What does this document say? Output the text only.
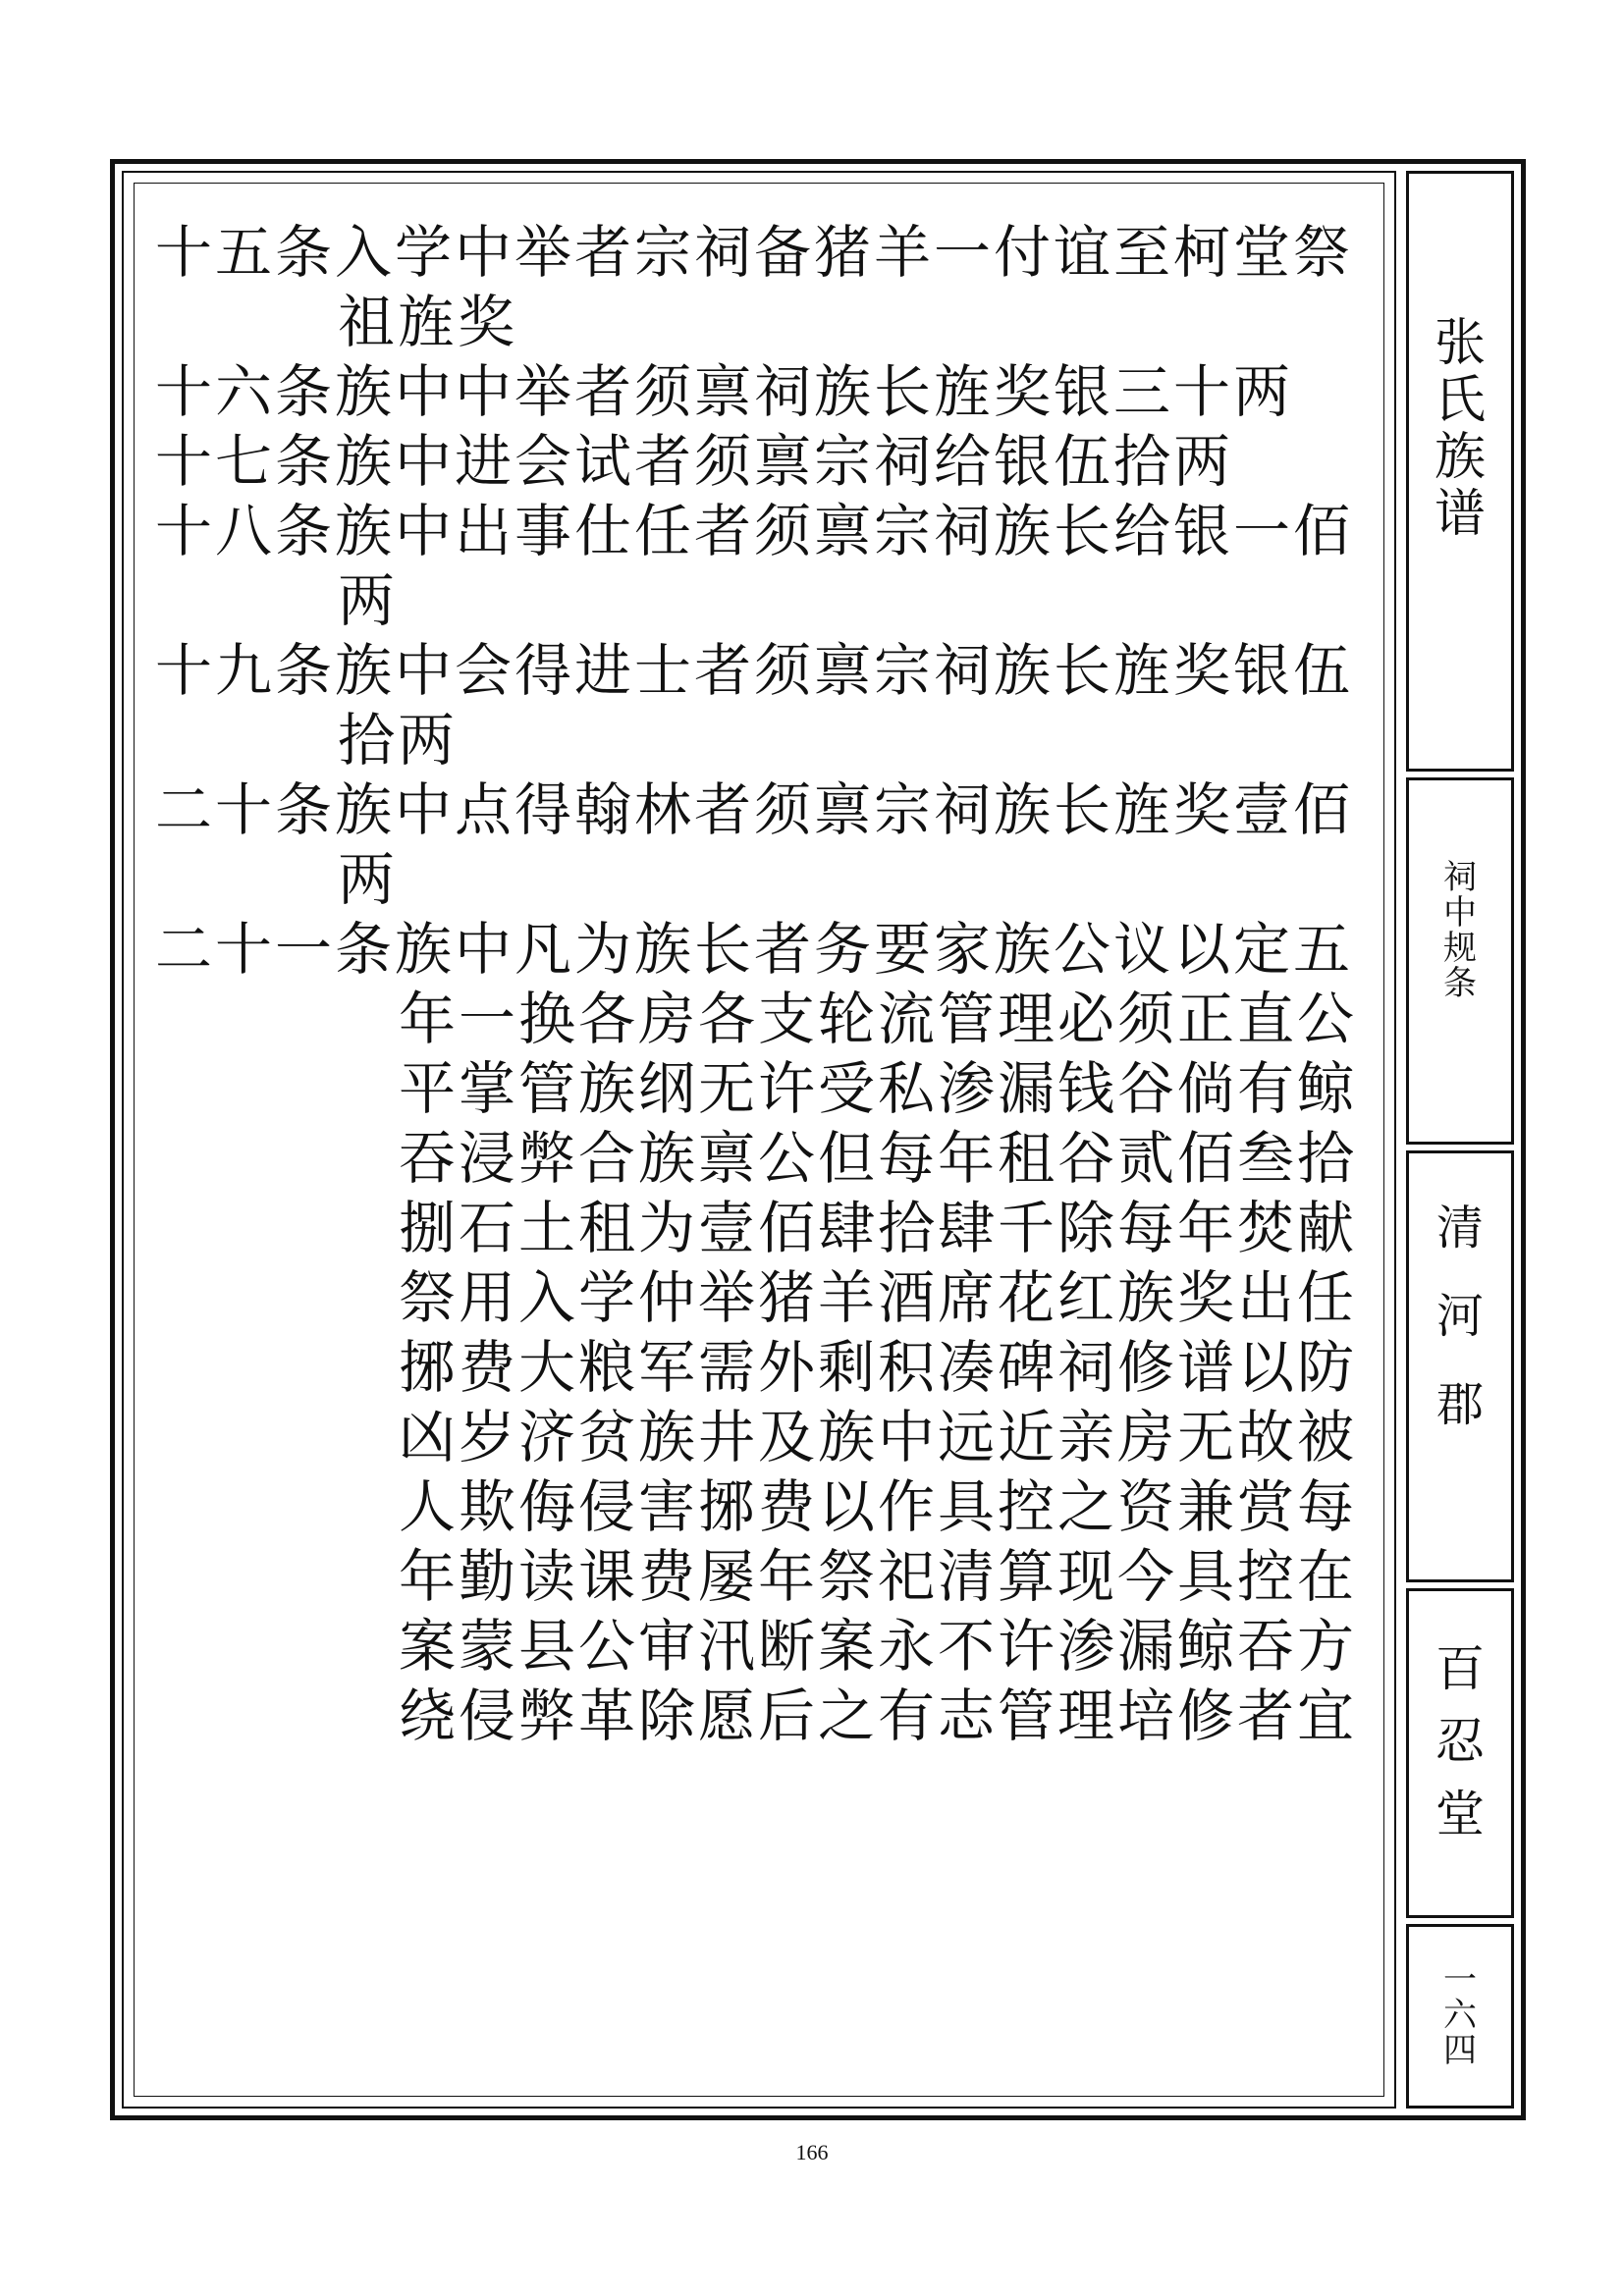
十五条入学中举者宗祠备猪羊一付谊至柯堂祭
祖旌奖
十六条族中中举者须禀祠族长旌奖银三十两
十七条族中进会试者须禀宗祠给银伍拾两
十八条族中出事仕任者须禀宗祠族长给银一佰
两
十九条族中会得进士者须禀宗祠族长旌奖银伍
拾两
二十条族中点得翰林者须禀宗祠族长旌奖壹佰
两
二十一条族中凡为族长者务要家族公议以定五
年一换各房各支轮流管理必须正直公
平掌管族纲无许受私渗漏钱谷倘有鲸
吞浸弊合族禀公但每年租谷贰佰叁拾
捌石土租为壹佰肆拾肆千除每年焚献
祭用入学仲举猪羊酒席花红族奖出任
捓费大粮军需外剩积凑碑祠修谱以防
凶岁济贫族井及族中远近亲房无故被
人欺侮侵害捓费以作具控之资兼赏每
年勤读课费屡年祭祀清算现今具控在
案蒙县公审汛断案永不许渗漏鲸吞方
绕侵弊革除愿后之有志管理培修者宜
张
氏
族
谱
祠
中
规
条
清
河
郡
百
忍
堂
一
六
四
166
